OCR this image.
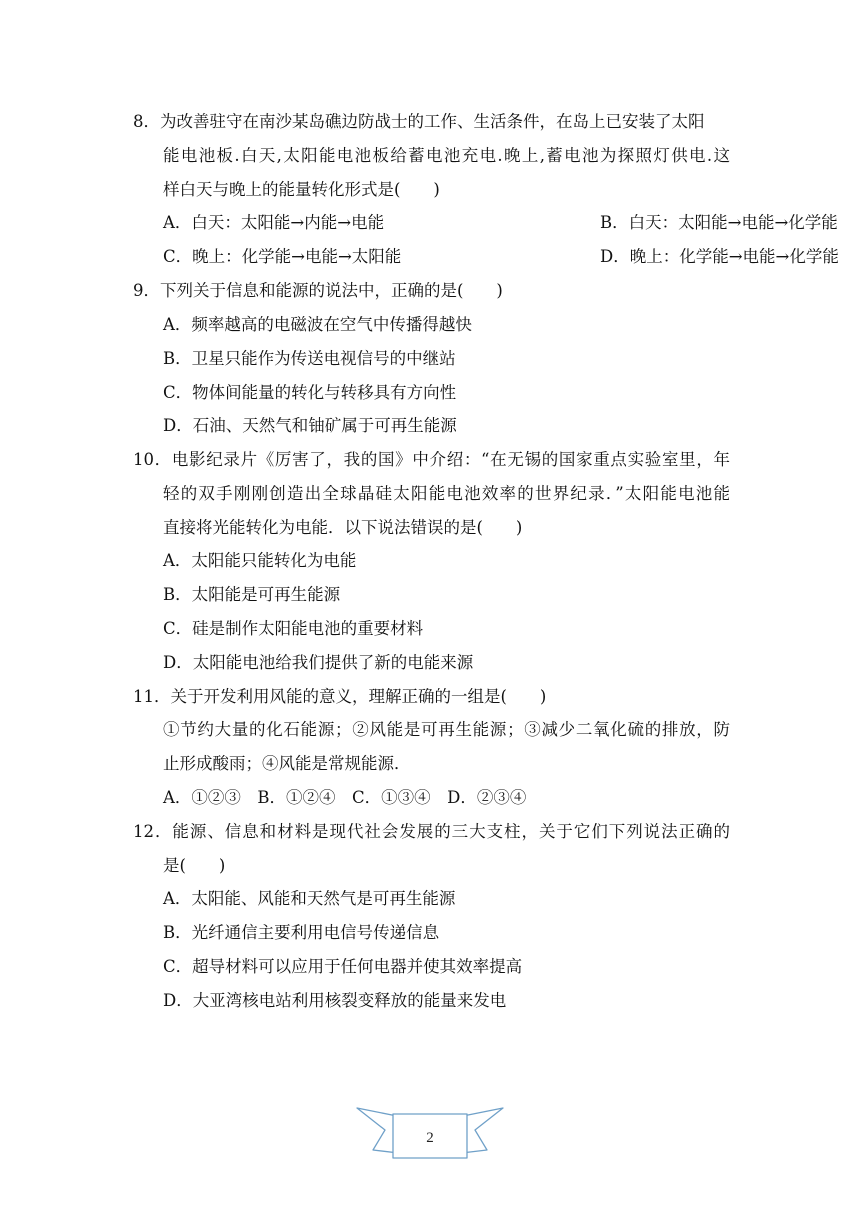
8．为改善驻守在南沙某岛礁边防战士的工作、生活条件，在岛上已安装了太阳
能电池板.白天,太阳能电池板给蓄电池充电.晚上,蓄电池为探照灯供电.这
样白天与晚上的能量转化形式是(　　)
A．白天：太阳能→内能→电能	B．白天：太阳能→电能→化学能
C．晚上：化学能→电能→太阳能	D．晚上：化学能→电能→化学能
9．下列关于信息和能源的说法中，正确的是(　　)
A．频率越高的电磁波在空气中传播得越快
B．卫星只能作为传送电视信号的中继站
C．物体间能量的转化与转移具有方向性
D．石油、天然气和铀矿属于可再生能源
10．电影纪录片《厉害了，我的国》中介绍：“在无锡的国家重点实验室里，年
轻的双手刚刚创造出全球晶硅太阳能电池效率的世界纪录．”太阳能电池能
直接将光能转化为电能．以下说法错误的是(　　)
A．太阳能只能转化为电能
B．太阳能是可再生能源
C．硅是制作太阳能电池的重要材料
D．太阳能电池给我们提供了新的电能来源
11．关于开发利用风能的意义，理解正确的一组是(　　)
①节约大量的化石能源；②风能是可再生能源；③减少二氧化硫的排放，防
止形成酸雨；④风能是常规能源．
A．①②③　B．①②④　C．①③④　D．②③④
12．能源、信息和材料是现代社会发展的三大支柱，关于它们下列说法正确的
是(　　)
A．太阳能、风能和天然气是可再生能源
B．光纤通信主要利用电信号传递信息
C．超导材料可以应用于任何电器并使其效率提高
D．大亚湾核电站利用核裂变释放的能量来发电
2
